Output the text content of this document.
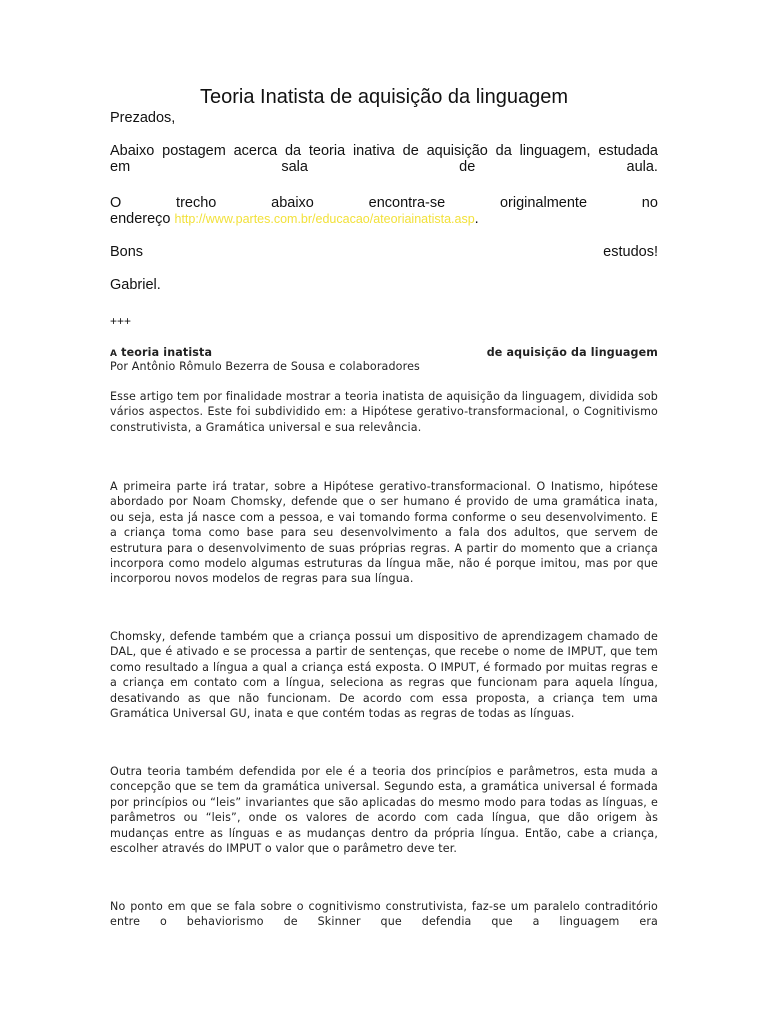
Teoria Inatista de aquisição da linguagem
Prezados,
Abaixo postagem acerca da teoria inativa de aquisição da linguagem, estudada
em	sala	de	aula.
O	trecho	abaixo	encontra-se	originalmente	no
endereço http://www.partes.com.br/educacao/ateoriainatista.asp.
Bons	estudos!
Gabriel.
+++
A teoria inatista	de aquisição da linguagem
Por Antônio Rômulo Bezerra de Sousa e colaboradores
Esse artigo tem por finalidade mostrar a teoria inatista de aquisição da linguagem, dividida sob vários aspectos. Este foi subdividido em: a Hipótese gerativo-transformacional, o Cognitivismo construtivista, a Gramática universal e sua relevância.
A primeira parte irá tratar, sobre a Hipótese gerativo-transformacional. O Inatismo, hipótese abordado por Noam Chomsky, defende que o ser humano é provido de uma gramática inata, ou seja, esta já nasce com a pessoa, e vai tomando forma conforme o seu desenvolvimento. E a criança toma como base para seu desenvolvimento a fala dos adultos, que servem de estrutura para o desenvolvimento de suas próprias regras. A partir do momento que a criança incorpora como modelo algumas estruturas da língua mãe, não é porque imitou, mas por que incorporou novos modelos de regras para sua língua.
Chomsky, defende também que a criança possui um dispositivo de aprendizagem chamado de DAL, que é ativado e se processa a partir de sentenças, que recebe o nome de IMPUT, que tem como resultado a língua a qual a criança está exposta. O IMPUT, é formado por muitas regras e a criança em contato com a língua, seleciona as regras que funcionam para aquela língua, desativando as que não funcionam. De acordo com essa proposta, a criança tem uma Gramática Universal GU, inata e que contém todas as regras de todas as línguas.
Outra teoria também defendida por ele é a teoria dos princípios e parâmetros, esta muda a concepção que se tem da gramática universal. Segundo esta, a gramática universal é formada por princípios ou “leis” invariantes que são aplicadas do mesmo modo para todas as línguas, e parâmetros ou “leis”, onde os valores de acordo com cada língua, que dão origem às mudanças entre as línguas e as mudanças dentro da própria língua. Então, cabe a criança, escolher através do IMPUT o valor que o parâmetro deve ter.
No ponto em que se fala sobre o cognitivismo construtivista, faz-se um paralelo contraditório entre o behaviorismo de Skinner que defendia que a linguagem era
